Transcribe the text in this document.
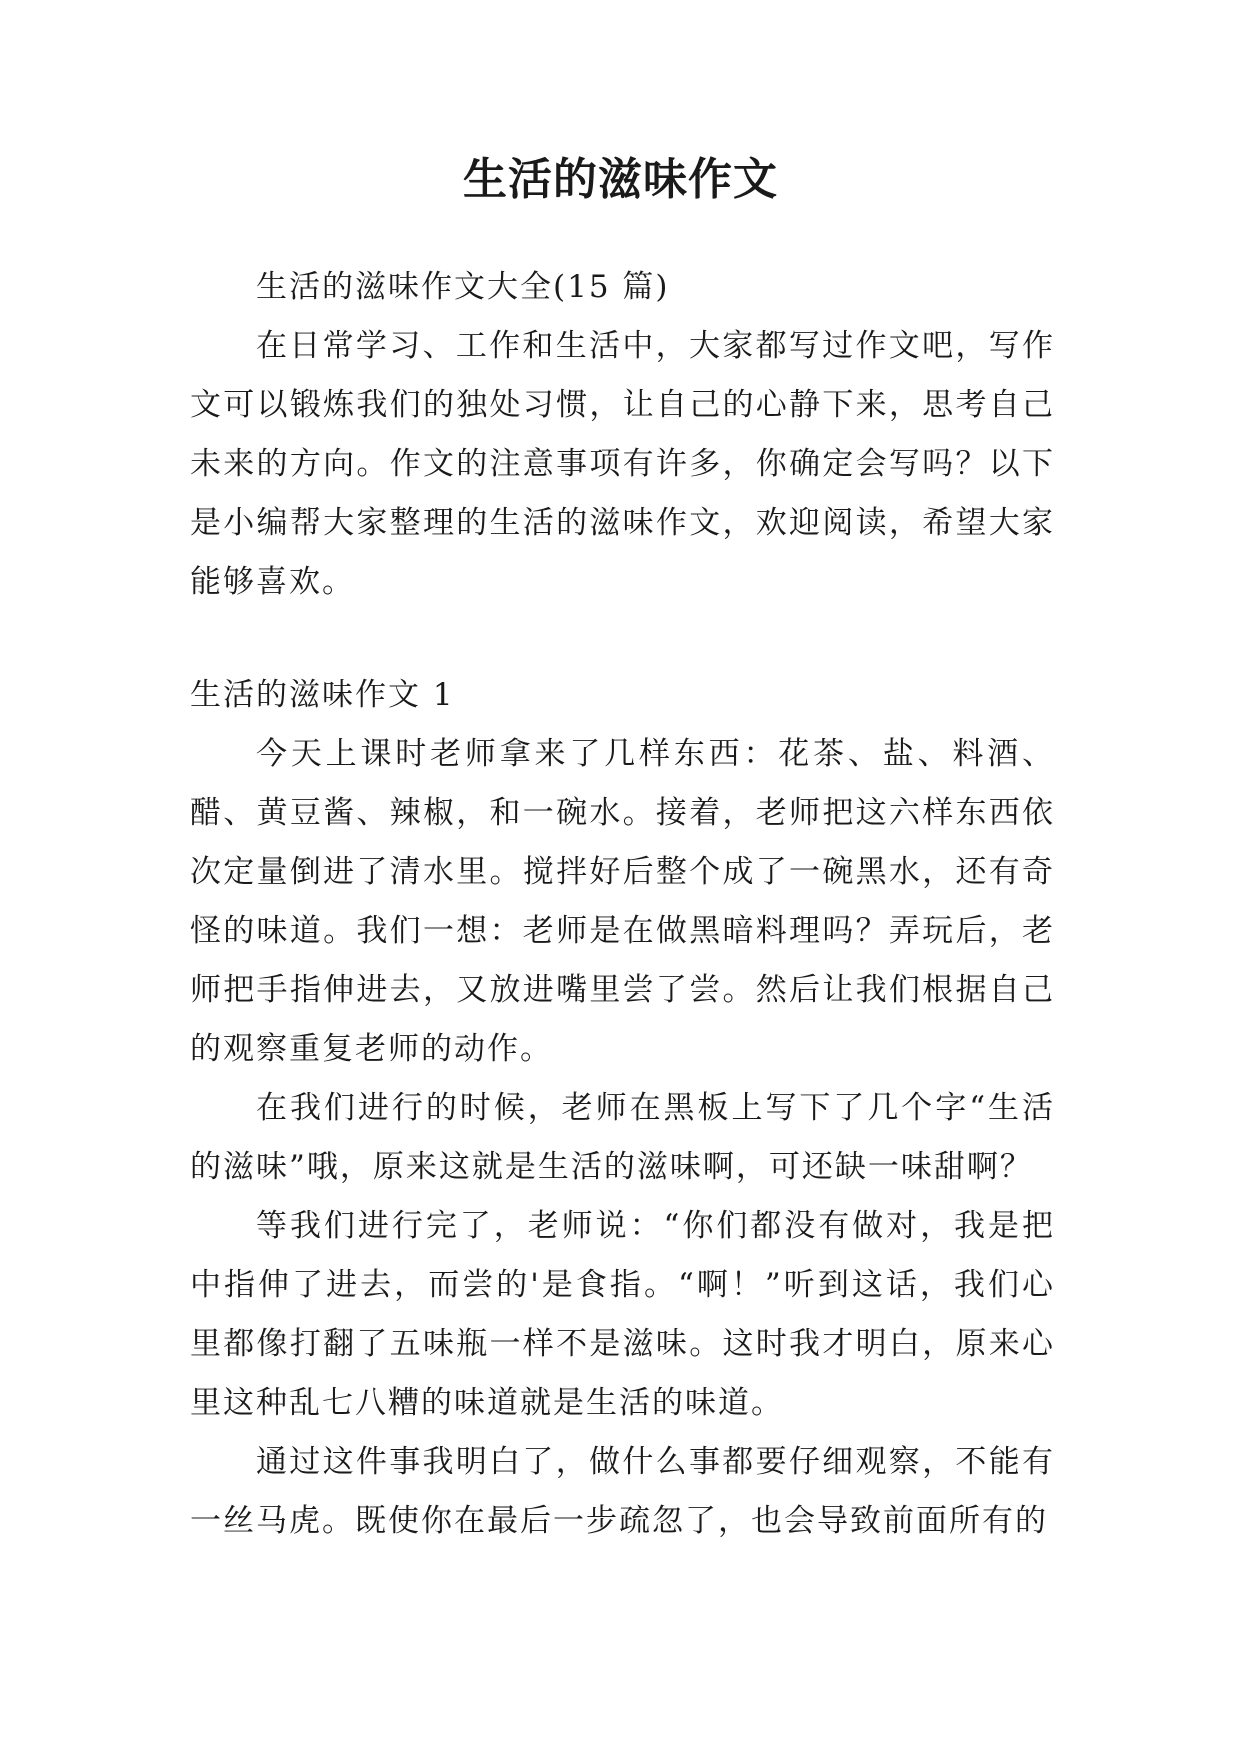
生活的滋味作文

生活的滋味作文大全(15 篇)

在日常学习、工作和生活中，大家都写过作文吧，写作文可以锻炼我们的独处习惯，让自己的心静下来，思考自己未来的方向。作文的注意事项有许多，你确定会写吗？以下是小编帮大家整理的生活的滋味作文，欢迎阅读，希望大家能够喜欢。

生活的滋味作文 1

今天上课时老师拿来了几样东西：花茶、盐、料酒、醋、黄豆酱、辣椒，和一碗水。接着，老师把这六样东西依次定量倒进了清水里。搅拌好后整个成了一碗黑水，还有奇怪的味道。我们一想：老师是在做黑暗料理吗？弄玩后，老师把手指伸进去，又放进嘴里尝了尝。然后让我们根据自己的观察重复老师的动作。

在我们进行的时候，老师在黑板上写下了几个字“生活的滋味”哦，原来这就是生活的滋味啊，可还缺一味甜啊？

等我们进行完了，老师说：“你们都没有做对，我是把中指伸了进去，而尝的'是食指。“啊！”听到这话，我们心里都像打翻了五味瓶一样不是滋味。这时我才明白，原来心里这种乱七八糟的味道就是生活的味道。

通过这件事我明白了，做什么事都要仔细观察，不能有一丝马虎。既使你在最后一步疏忽了，也会导致前面所有的
